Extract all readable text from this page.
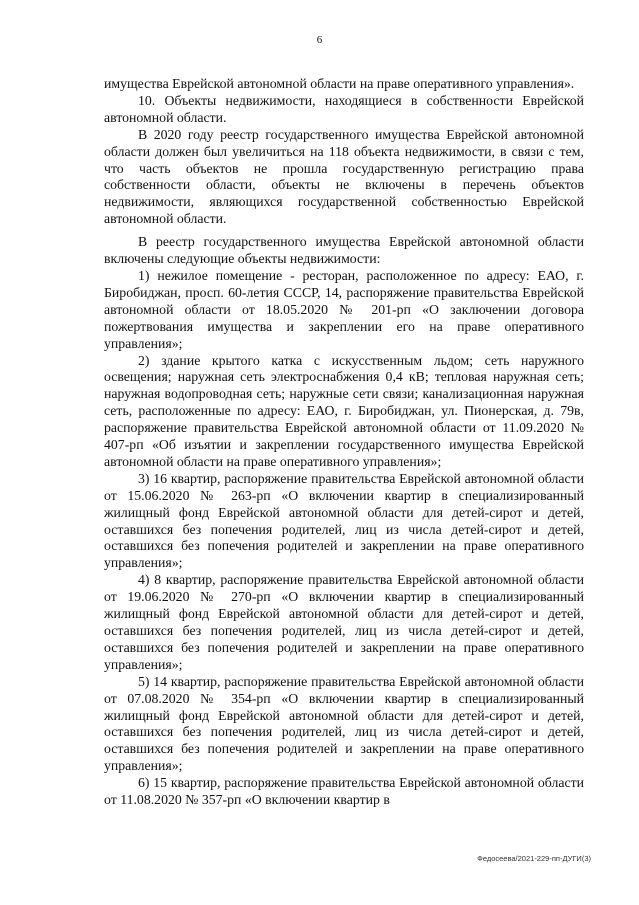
6

имущества Еврейской автономной области на праве оперативного управления».

10. Объекты недвижимости, находящиеся в собственности Еврейской автономной области.

В 2020 году реестр государственного имущества Еврейской автономной области должен был увеличиться на 118 объекта недвижимости, в связи с тем, что часть объектов не прошла государственную регистрацию права собственности области, объекты не включены в перечень объектов недвижимости, являющихся государственной собственностью Еврейской автономной области.

В реестр государственного имущества Еврейской автономной области включены следующие объекты недвижимости:

1) нежилое помещение - ресторан, расположенное по адресу: ЕАО, г. Биробиджан, просп. 60-летия СССР, 14, распоряжение правительства Еврейской автономной области от 18.05.2020 № 201-рп «О заключении договора пожертвования имущества и закреплении его на праве оперативного управления»;

2) здание крытого катка с искусственным льдом; сеть наружного освещения; наружная сеть электроснабжения 0,4 кВ; тепловая наружная сеть; наружная водопроводная сеть; наружные сети связи; канализационная наружная сеть, расположенные по адресу: ЕАО, г. Биробиджан, ул. Пионерская, д. 79в, распоряжение правительства Еврейской автономной области от 11.09.2020 № 407-рп «Об изъятии и закреплении государственного имущества Еврейской автономной области на праве оперативного управления»;

3) 16 квартир, распоряжение правительства Еврейской автономной области от 15.06.2020 № 263-рп «О включении квартир в специализированный жилищный фонд Еврейской автономной области для детей-сирот и детей, оставшихся без попечения родителей, лиц из числа детей-сирот и детей, оставшихся без попечения родителей и закреплении на праве оперативного управления»;

4) 8 квартир, распоряжение правительства Еврейской автономной области от 19.06.2020 № 270-рп «О включении квартир в специализированный жилищный фонд Еврейской автономной области для детей-сирот и детей, оставшихся без попечения родителей, лиц из числа детей-сирот и детей, оставшихся без попечения родителей и закреплении на праве оперативного управления»;

5) 14 квартир, распоряжение правительства Еврейской автономной области от 07.08.2020 № 354-рп «О включении квартир в специализированный жилищный фонд Еврейской автономной области для детей-сирот и детей, оставшихся без попечения родителей, лиц из числа детей-сирот и детей, оставшихся без попечения родителей и закреплении на праве оперативного управления»;

6) 15 квартир, распоряжение правительства Еврейской автономной области от 11.08.2020 № 357-рп «О включении квартир в

Федосеева/2021-229-пп-ДУГИ(3)
